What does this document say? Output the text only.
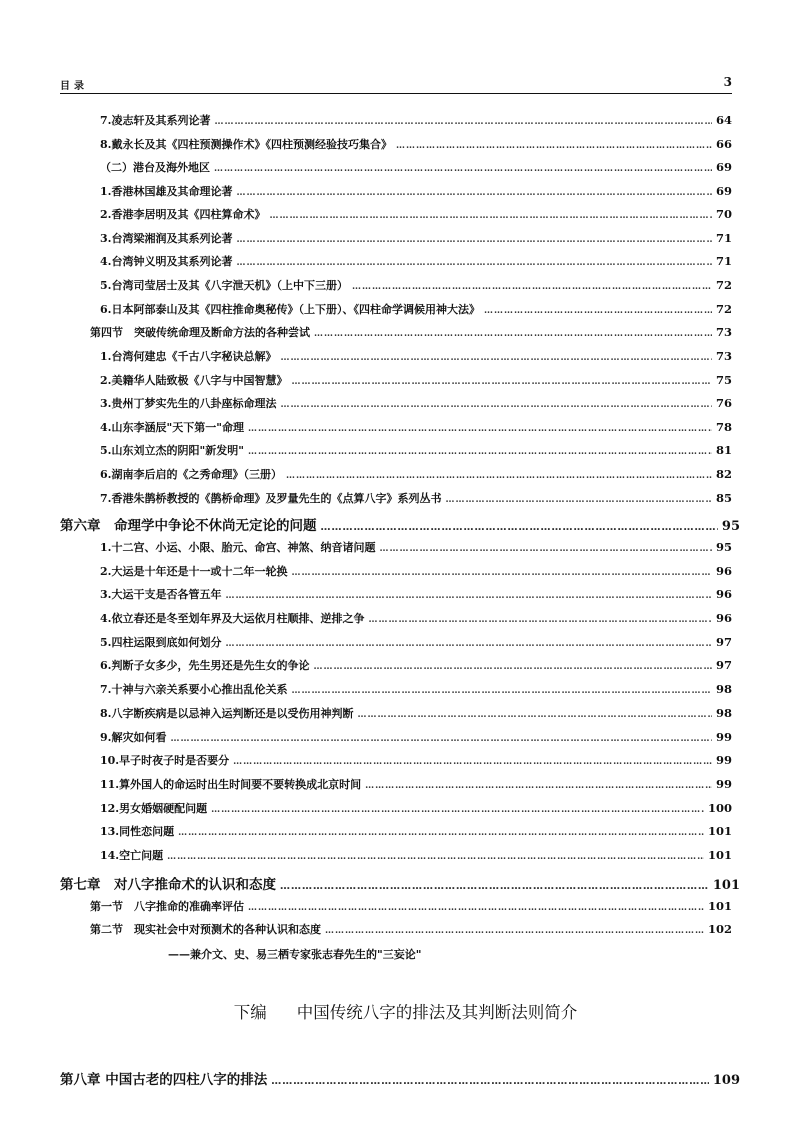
目录	3
7.凌志轩及其系列论著 ……………………………………………………………………………………………………………………………………………………………………………………………………………………………………………………………………	64
8.戴永长及其《四柱预测操作术》《四柱预测经验技巧集合》 ……………………………………………………………………………………………………………………………………………………………………………………………………………………………………………………………………	66
（二）港台及海外地区 ……………………………………………………………………………………………………………………………………………………………………………………………………………………………………………………………………	69
1.香港林国雄及其命理论著 ……………………………………………………………………………………………………………………………………………………………………………………………………………………………………………………………………	69
2.香港李居明及其《四柱算命术》 ……………………………………………………………………………………………………………………………………………………………………………………………………………………………………………………………………	70
3.台湾梁湘润及其系列论著 ……………………………………………………………………………………………………………………………………………………………………………………………………………………………………………………………………	71
4.台湾钟义明及其系列论著 ……………………………………………………………………………………………………………………………………………………………………………………………………………………………………………………………………	71
5.台湾司莹居士及其《八字泄天机》（上中下三册） ……………………………………………………………………………………………………………………………………………………………………………………………………………………………………………………………………	72
6.日本阿部泰山及其《四柱推命奥秘传》（上下册）、《四柱命学调候用神大法》 ……………………………………………………………………………………………………………………………………………………………………………………………………………………………………………………………………	72
第四节　突破传统命理及断命方法的各种尝试 ……………………………………………………………………………………………………………………………………………………………………………………………………………………………………………………………………	73
1.台湾何建忠《千古八字秘诀总解》 ……………………………………………………………………………………………………………………………………………………………………………………………………………………………………………………………………	73
2.美籍华人陆致极《八字与中国智慧》 ……………………………………………………………………………………………………………………………………………………………………………………………………………………………………………………………………	75
3.贵州丁梦实先生的八卦座标命理法 ……………………………………………………………………………………………………………………………………………………………………………………………………………………………………………………………………	76
4.山东李涵辰"天下第一"命理 ……………………………………………………………………………………………………………………………………………………………………………………………………………………………………………………………………	78
5.山东刘立杰的阴阳"新发明" ……………………………………………………………………………………………………………………………………………………………………………………………………………………………………………………………………	81
6.湖南李后启的《之秀命理》（三册） ……………………………………………………………………………………………………………………………………………………………………………………………………………………………………………………………………	82
7.香港朱鹊桥教授的《鹊桥命理》及罗量先生的《点算八字》系列丛书 ……………………………………………………………………………………………………………………………………………………………………………………………………………………………………………………………………	85
第六章　命理学中争论不休尚无定论的问题 ……………………………………………………………………………………………………………………………………………………………………………………………………………………………………………………………………	95
1.十二宫、小运、小限、胎元、命宫、神煞、纳音诸问题 ……………………………………………………………………………………………………………………………………………………………………………………………………………………………………………………………………	95
2.大运是十年还是十一或十二年一轮换 ……………………………………………………………………………………………………………………………………………………………………………………………………………………………………………………………………	96
3.大运干支是否各管五年 ……………………………………………………………………………………………………………………………………………………………………………………………………………………………………………………………………	96
4.依立春还是冬至划年界及大运依月柱顺排、逆排之争 ……………………………………………………………………………………………………………………………………………………………………………………………………………………………………………………………………	96
5.四柱运限到底如何划分 ……………………………………………………………………………………………………………………………………………………………………………………………………………………………………………………………………	97
6.判断子女多少，先生男还是先生女的争论 ……………………………………………………………………………………………………………………………………………………………………………………………………………………………………………………………………	97
7.十神与六亲关系要小心推出乱伦关系 ……………………………………………………………………………………………………………………………………………………………………………………………………………………………………………………………………	98
8.八字断疾病是以忌神入运判断还是以受伤用神判断 ……………………………………………………………………………………………………………………………………………………………………………………………………………………………………………………………………	98
9.解灾如何看 ……………………………………………………………………………………………………………………………………………………………………………………………………………………………………………………………………	99
10.早子时夜子时是否要分 ……………………………………………………………………………………………………………………………………………………………………………………………………………………………………………………………………	99
11.算外国人的命运时出生时间要不要转换成北京时间 ……………………………………………………………………………………………………………………………………………………………………………………………………………………………………………………………………	99
12.男女婚姻硬配问题 ……………………………………………………………………………………………………………………………………………………………………………………………………………………………………………………………………	100
13.同性恋问题 ……………………………………………………………………………………………………………………………………………………………………………………………………………………………………………………………………	101
14.空亡问题 ……………………………………………………………………………………………………………………………………………………………………………………………………………………………………………………………………	101
第七章　对八字推命术的认识和态度 ……………………………………………………………………………………………………………………………………………………………………………………………………………………………………………………………………	101
第一节　八字推命的准确率评估 ……………………………………………………………………………………………………………………………………………………………………………………………………………………………………………………………………	101
第二节　现实社会中对预测术的各种认识和态度 ……………………………………………………………………………………………………………………………………………………………………………………………………………………………………………………………………	102
——兼介文、史、易三栖专家张志春先生的"三妄论"
下编 中国传统八字的排法及其判断法则简介
第八章 中国古老的四柱八字的排法 ……………………………………………………………………………………………………………………………………………………………………………………………………………………………………………………………………	109
